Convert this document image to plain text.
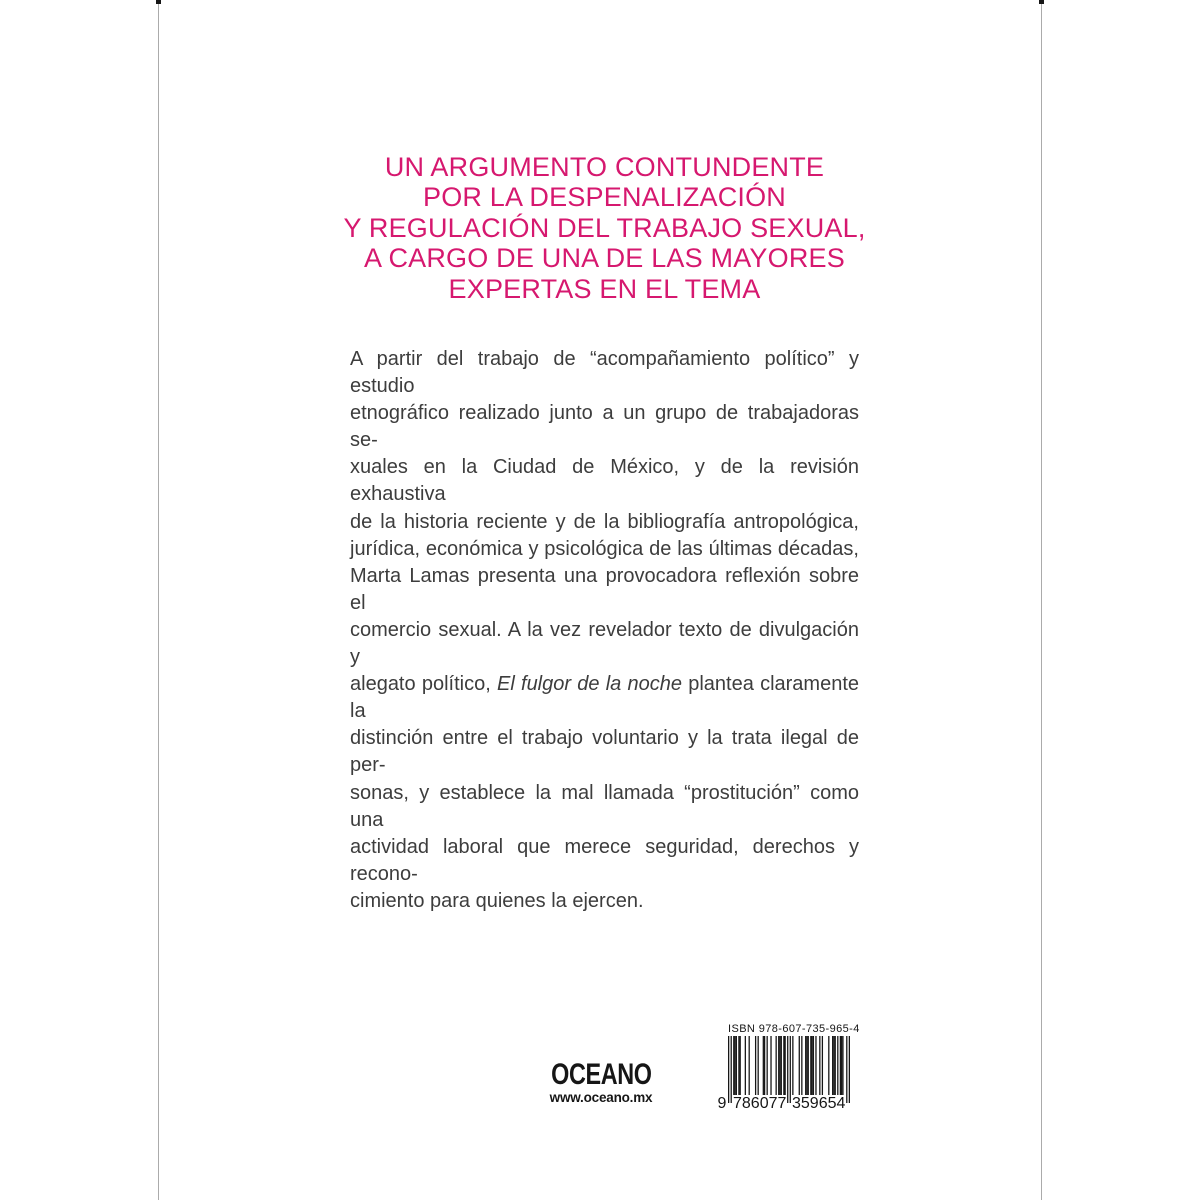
UN ARGUMENTO CONTUNDENTE
POR LA DESPENALIZACIÓN
Y REGULACIÓN DEL TRABAJO SEXUAL,
A CARGO DE UNA DE LAS MAYORES
EXPERTAS EN EL TEMA
A partir del trabajo de “acompañamiento político” y estudio
etnográfico realizado junto a un grupo de trabajadoras se-
xuales en la Ciudad de México, y de la revisión exhaustiva
de la historia reciente y de la bibliografía antropológica,
jurídica, económica y psicológica de las últimas décadas,
Marta Lamas presenta una provocadora reflexión sobre el
comercio sexual. A la vez revelador texto de divulgación y
alegato político, El fulgor de la noche plantea claramente la
distinción entre el trabajo voluntario y la trata ilegal de per-
sonas, y establece la mal llamada “prostitución” como una
actividad laboral que merece seguridad, derechos y recono-
cimiento para quienes la ejercen.
OCEANO
www.oceano.mx
ISBN 978-607-735-965-4
9 786077 359654
